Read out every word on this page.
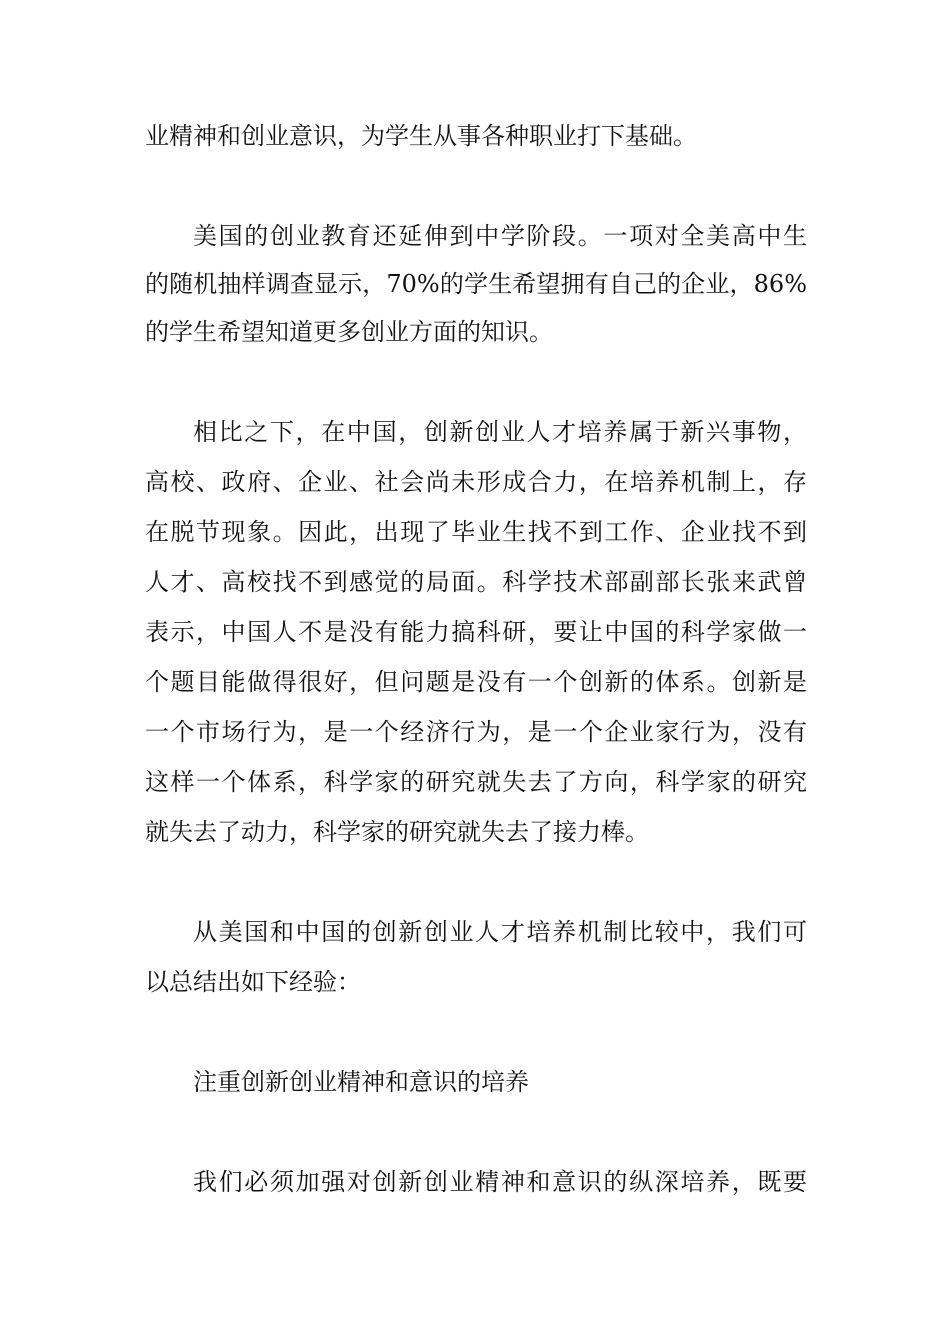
业精神和创业意识，为学生从事各种职业打下基础。
美国的创业教育还延伸到中学阶段。一项对全美高中生
的随机抽样调查显示，70%的学生希望拥有自己的企业，86%
的学生希望知道更多创业方面的知识。
相比之下，在中国，创新创业人才培养属于新兴事物，
高校、政府、企业、社会尚未形成合力，在培养机制上，存
在脱节现象。因此，出现了毕业生找不到工作、企业找不到
人才、高校找不到感觉的局面。科学技术部副部长张来武曾
表示，中国人不是没有能力搞科研，要让中国的科学家做一
个题目能做得很好，但问题是没有一个创新的体系。创新是
一个市场行为，是一个经济行为，是一个企业家行为，没有
这样一个体系，科学家的研究就失去了方向，科学家的研究
就失去了动力，科学家的研究就失去了接力棒。
从美国和中国的创新创业人才培养机制比较中，我们可
以总结出如下经验：
注重创新创业精神和意识的培养
我们必须加强对创新创业精神和意识的纵深培养，既要
